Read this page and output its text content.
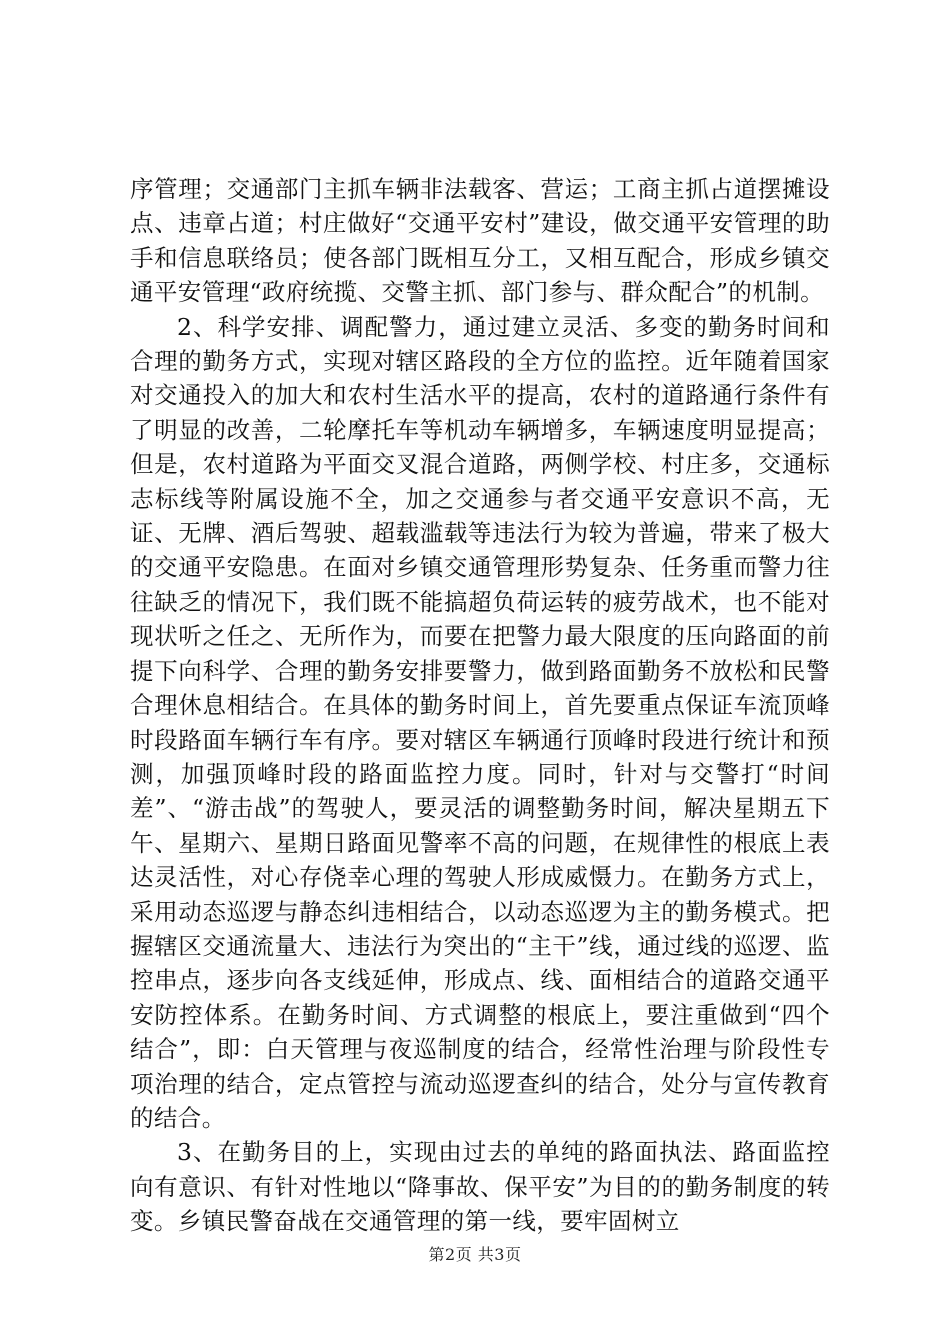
序管理；交通部门主抓车辆非法载客、营运；工商主抓占道摆摊设点、违章占道；村庄做好“交通平安村”建设，做交通平安管理的助手和信息联络员；使各部门既相互分工，又相互配合，形成乡镇交通平安管理“政府统揽、交警主抓、部门参与、群众配合”的机制。

2、科学安排、调配警力，通过建立灵活、多变的勤务时间和合理的勤务方式，实现对辖区路段的全方位的监控。近年随着国家对交通投入的加大和农村生活水平的提高，农村的道路通行条件有了明显的改善，二轮摩托车等机动车辆增多，车辆速度明显提高；但是，农村道路为平面交叉混合道路，两侧学校、村庄多，交通标志标线等附属设施不全，加之交通参与者交通平安意识不高，无证、无牌、酒后驾驶、超载滥载等违法行为较为普遍，带来了极大的交通平安隐患。在面对乡镇交通管理形势复杂、任务重而警力往往缺乏的情况下，我们既不能搞超负荷运转的疲劳战术，也不能对现状听之任之、无所作为，而要在把警力最大限度的压向路面的前提下向科学、合理的勤务安排要警力，做到路面勤务不放松和民警合理休息相结合。在具体的勤务时间上，首先要重点保证车流顶峰时段路面车辆行车有序。要对辖区车辆通行顶峰时段进行统计和预测，加强顶峰时段的路面监控力度。同时，针对与交警打“时间差”、“游击战”的驾驶人，要灵活的调整勤务时间，解决星期五下午、星期六、星期日路面见警率不高的问题，在规律性的根底上表达灵活性，对心存侥幸心理的驾驶人形成威慑力。在勤务方式上，采用动态巡逻与静态纠违相结合，以动态巡逻为主的勤务模式。把握辖区交通流量大、违法行为突出的“主干”线，通过线的巡逻、监控串点，逐步向各支线延伸，形成点、线、面相结合的道路交通平安防控体系。在勤务时间、方式调整的根底上，要注重做到“四个结合”，即：白天管理与夜巡制度的结合，经常性治理与阶段性专项治理的结合，定点管控与流动巡逻查纠的结合，处分与宣传教育的结合。

3、在勤务目的上，实现由过去的单纯的路面执法、路面监控向有意识、有针对性地以“降事故、保平安”为目的的勤务制度的转变。乡镇民警奋战在交通管理的第一线，要牢固树立

第2页 共3页
